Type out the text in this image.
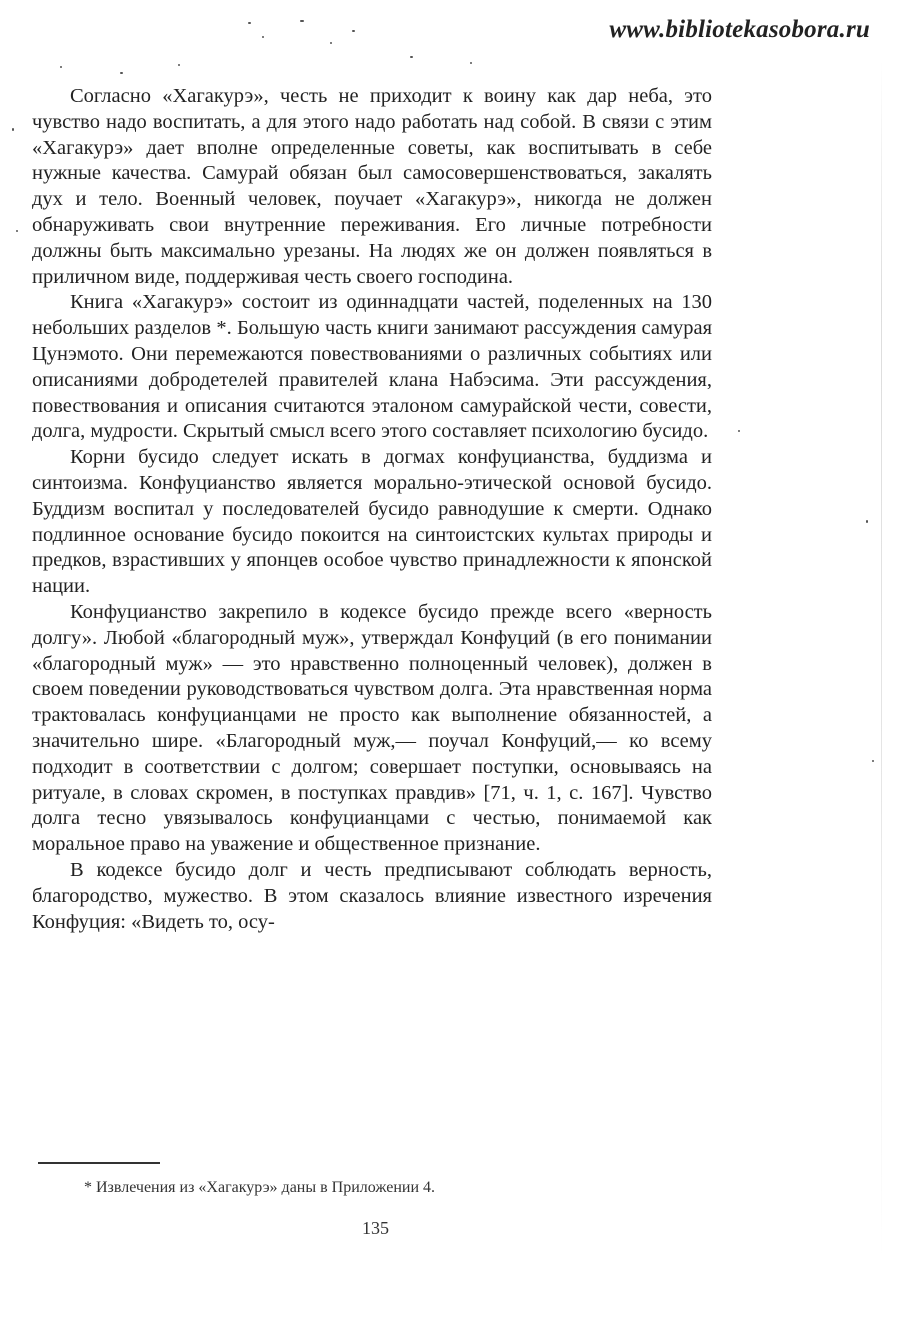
www.bibliotekasobora.ru

Согласно «Хагакурэ», честь не приходит к воину как дар неба, это чувство надо воспитать, а для этого надо работать над собой. В связи с этим «Хагакурэ» дает вполне определенные советы, как воспитывать в себе нужные качества. Самурай обязан был самосовершенствоваться, закалять дух и тело. Военный человек, поучает «Хагакурэ», никогда не должен обнаруживать свои внутренние переживания. Его личные потребности должны быть максимально урезаны. На людях же он должен появляться в приличном виде, поддерживая честь своего господина.

Книга «Хагакурэ» состоит из одиннадцати частей, поделенных на 130 небольших разделов *. Большую часть книги занимают рассуждения самурая Цунэмото. Они перемежаются повествованиями о различных событиях или описаниями добродетелей правителей клана Набэсима. Эти рассуждения, повествования и описания считаются эталоном самурайской чести, совести, долга, мудрости. Скрытый смысл всего этого составляет психологию бусидо.

Корни бусидо следует искать в догмах конфуцианства, буддизма и синтоизма. Конфуцианство является морально-этической основой бусидо. Буддизм воспитал у последователей бусидо равнодушие к смерти. Однако подлинное основание бусидо покоится на синтоистских культах природы и предков, взрастивших у японцев особое чувство принадлежности к японской нации.

Конфуцианство закрепило в кодексе бусидо прежде всего «верность долгу». Любой «благородный муж», утверждал Конфуций (в его понимании «благородный муж» — это нравственно полноценный человек), должен в своем поведении руководствоваться чувством долга. Эта нравственная норма трактовалась конфуцианцами не просто как выполнение обязанностей, а значительно шире. «Благородный муж,— поучал Конфуций,— ко всему подходит в соответствии с долгом; совершает поступки, основываясь на ритуале, в словах скромен, в поступках правдив» [71, ч. 1, с. 167]. Чувство долга тесно увязывалось конфуцианцами с честью, понимаемой как моральное право на уважение и общественное признание.

В кодексе бусидо долг и честь предписывают соблюдать верность, благородство, мужество. В этом сказалось влияние известного изречения Конфуция: «Видеть то, осу-

* Извлечения из «Хагакурэ» даны в Приложении 4.
135
